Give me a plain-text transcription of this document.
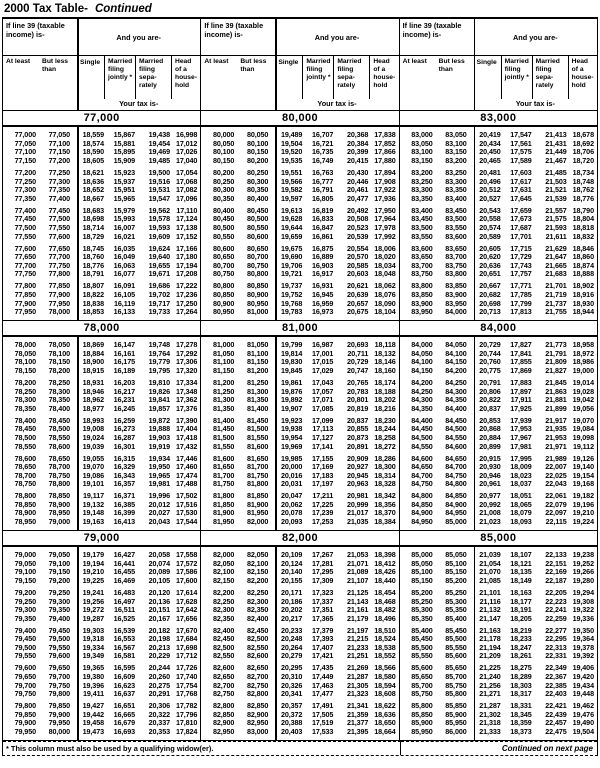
2000 Tax Table- Continued
If line 39 (taxable income) is-	And you are-
At least	But less than
Single	Married filing jointly *
Married filing sepa- rately
Head of a house- hold
Your tax is-
77,000
77,000	77,050	18,559	15,867	19,438 16,998
77,050	77,100	18,574	15,881	19,454 17,012
77,100	77,150	18,590	15,895	19,469 17,026
77,150	77,200	18,605	15,909	19,485 17,040
77,200	77,250	18,621	15,923	19,500 17,054
77,250	77,300	18,636	15,937	19,516 17,068
77,300	77,350	18,652	15,951	19,531 17,082
77,350	77,400	18,667	15,965	19,547 17,096
77,400	77,450	18,683	15,979	19,562 17,110
77,450	77,500	18,698	15,993	19,578 17,124
77,500	77,550	18,714	16,007	19,593 17,138
77,550	77,600	18,729	16,021	19,609 17,152
77,600	77,650	18,745	16,035	19,624 17,166
77,650	77,700	18,760	16,049	19,640 17,180
77,700	77,750	18,776	16,063	19,655 17,194
77,750	77,800	18,791	16,077	19,671 17,208
77,800	77,850	18,807	16,091	19,686 17,222
77,850	77,900	18,822	16,105	19,702 17,236
77,900	77,950	18,838	16,119	19,717 17,250
77,950	78,000	18,853	16,133	19,733 17,264
78,000
78,000	78,050	18,869	16,147	19,748 17,278
78,050	78,100	18,884	16,161	19,764 17,292
78,100	78,150	18,900	16,175	19,779 17,306
78,150	78,200	18,915	16,189	19,795 17,320
78,200	78,250	18,931	16,203	19,810 17,334
78,250	78,300	18,946	16,217	19,826 17,348
78,300	78,350	18,962	16,231	19,841 17,362
78,350	78,400	18,977	16,245	19,857 17,376
78,400	78,450	18,993	16,259	19,872 17,390
78,450	78,500	19,008	16,273	19,888 17,404
78,500	78,550	19,024	16,287	19,903 17,418
78,550	78,600	19,039	16,301	19,919 17,432
78,600	78,650	19,055	16,315	19,934 17,446
78,650	78,700	19,070	16,329	19,950 17,460
78,700	78,750	19,086	16,343	19,965 17,474
78,750	78,800	19,101	16,357	19,981 17,488
78,800	78,850	19,117	16,371	19,996 17,502
78,850	78,900	19,132	16,385	20,012 17,516
78,900	78,950	19,148	16,399	20,027 17,530
78,950	79,000	19,163	16,413	20,043 17,544
79,000
79,000	79,050	19,179	16,427	20,058 17,558
79,050	79,100	19,194	16,441	20,074 17,572
79,100	79,150	19,210	16,455	20,089 17,586
79,150	79,200	19,225	16,469	20,105 17,600
79,200	79,250	19,241	16,483	20,120 17,614
79,250	79,300	19,256	16,497	20,136 17,628
79,300	79,350	19,272	16,511	20,151 17,642
79,350	79,400	19,287	16,525	20,167 17,656
79,400	79,450	19,303	16,539	20,182 17,670
79,450	79,500	19,318	16,553	20,198 17,684
79,500	79,550	19,334	16,567	20,213 17,698
79,550	79,600	19,349	16,581	20,229 17,712
79,600	79,650	19,365	16,595	20,244 17,726
79,650	79,700	19,380	16,609	20,260 17,740
79,700	79,750	19,396	16,623	20,275 17,754
79,750	79,800	19,411	16,637	20,291 17,768
79,800	79,850	19,427	16,651	20,306 17,782
79,850	79,900	19,442	16,665	20,322 17,796
79,900	79,950	19,458	16,679	20,337 17,810
79,950	80,000	19,473	16,693	20,353 17,824
If line 39 (taxable income) is-	And you are-
At least	But less than
Single	Married filing jointly *
Married filing sepa- rately
Head of a house- hold
Your tax is-
80,000
80,000	80,050	19,489	16,707	20,368 17,838
80,050	80,100	19,504	16,721	20,384 17,852
80,100	80,150	19,520	16,735	20,399 17,866
80,150	80,200	19,535	16,749	20,415 17,880
80,200	80,250	19,551	16,763	20,430 17,894
80,250	80,300	19,566	16,777	20,446 17,908
80,300	80,350	19,582	16,791	20,461 17,922
80,350	80,400	19,597	16,805	20,477 17,936
80,400	80,450	19,613	16,819	20,492 17,950
80,450	80,500	19,628	16,833	20,508 17,964
80,500	80,550	19,644	16,847	20,523 17,978
80,550	80,600	19,659	16,861	20,539 17,992
80,600	80,650	19,675	16,875	20,554 18,006
80,650	80,700	19,690	16,889	20,570 18,020
80,700	80,750	19,706	16,903	20,585 18,034
80,750	80,800	19,721	16,917	20,603 18,048
80,800	80,850	19,737	16,931	20,621 18,062
80,850	80,900	19,752	16,945	20,639 18,076
80,900	80,950	19,768	16,959	20,657 18,090
80,950	81,000	19,783	16,973	20,675 18,104
81,000
81,000	81,050	19,799	16,987	20,693 18,118
81,050	81,100	19,814	17,001	20,711 18,132
81,100	81,150	19,830	17,015	20,729 18,146
81,150	81,200	19,845	17,029	20,747 18,160
81,200	81,250	19,861	17,043	20,765 18,174
81,250	81,300	19,876	17,057	20,783 18,188
81,300	81,350	19,892	17,071	20,801 18,202
81,350	81,400	19,907	17,085	20,819 18,216
81,400	81,450	19,923	17,099	20,837 18,230
81,450	81,500	19,938	17,113	20,855 18,244
81,500	81,550	19,954	17,127	20,873 18,258
81,550	81,600	19,969	17,141	20,891 18,272
81,600	81,650	19,985	17,155	20,909 18,286
81,650	81,700	20,000	17,169	20,927 18,300
81,700	81,750	20,016	17,183	20,945 18,314
81,750	81,800	20,031	17,197	20,963 18,328
81,800	81,850	20,047	17,211	20,981 18,342
81,850	81,900	20,062	17,225	20,999 18,356
81,900	81,950	20,078	17,239	21,017 18,370
81,950	82,000	20,093	17,253	21,035 18,384
82,000
82,000	82,050	20,109	17,267	21,053 18,398
82,050	82,100	20,124	17,281	21,071 18,412
82,100	82,150	20,140	17,295	21,089 18,426
82,150	82,200	20,155	17,309	21,107 18,440
82,200	82,250	20,171	17,323	21,125 18,454
82,250	82,300	20,186	17,337	21,143 18,468
82,300	82,350	20,202	17,351	21,161 18,482
82,350	82,400	20,217	17,365	21,179 18,496
82,400	82,450	20,233	17,379	21,197 18,510
82,450	82,500	20,248	17,393	21,215 18,524
82,500	82,550	20,264	17,407	21,233 18,538
82,550	82,600	20,279	17,421	21,251 18,552
82,600	82,650	20,295	17,435	21,269 18,566
82,650	82,700	20,310	17,449	21,287 18,580
82,700	82,750	20,326	17,463	21,305 18,594
82,750	82,800	20,341	17,477	21,323 18,608
82,800	82,850	20,357	17,491	21,341 18,622
82,850	82,900	20,372	17,505	21,359 18,636
82,900	82,950	20,388	17,519	21,377 18,650
82,950	83,000	20,403	17,533	21,395 18,664
If line 39 (taxable income) is-	And you are-
At least	But less than
Single	Married filing jointly *
Married filing sepa- rately
Head of a house- hold
Your tax is-
83,000
83,000	83,050	20,419	17,547	21,413 18,678
83,050	83,100	20,434	17,561	21,431 18,692
83,100	83,150	20,450	17,575	21,449 18,706
83,150	83,200	20,465	17,589	21,467 18,720
83,200	83,250	20,481	17,603	21,485 18,734
83,250	83,300	20,496	17,617	21,503 18,748
83,300	83,350	20,512	17,631	21,521 18,762
83,350	83,400	20,527	17,645	21,539 18,776
83,400	83,450	20,543	17,659	21,557 18,790
83,450	83,500	20,558	17,673	21,575 18,804
83,500	83,550	20,574	17,687	21,593 18,818
83,550	83,600	20,589	17,701	21,611 18,832
83,600	83,650	20,605	17,715	21,629 18,846
83,650	83,700	20,620	17,729	21,647 18,860
83,700	83,750	20,636	17,743	21,665 18,874
83,750	83,800	20,651	17,757	21,683 18,888
83,800	83,850	20,667	17,771	21,701 18,902
83,850	83,900	20,682	17,785	21,719 18,916
83,900	83,950	20,698	17,799	21,737 18,930
83,950	84,000	20,713	17,813	21,755 18,944
84,000
84,000	84,050	20,729	17,827	21,773 18,958
84,050	84,100	20,744	17,841	21,791 18,972
84,100	84,150	20,760	17,855	21,809 18,986
84,150	84,200	20,775	17,869	21,827 19,000
84,200	84,250	20,791	17,883	21,845 19,014
84,250	84,300	20,806	17,897	21,863 19,028
84,300	84,350	20,822	17,911	21,881 19,042
84,350	84,400	20,837	17,925	21,899 19,056
84,400	84,450	20,853	17,939	21,917 19,070
84,450	84,500	20,868	17,953	21,935 19,084
84,500	84,550	20,884	17,967	21,953 19,098
84,550	84,600	20,899	17,981	21,971 19,112
84,600	84,650	20,915	17,995	21,989 19,126
84,650	84,700	20,930	18,009	22,007 19,140
84,700	84,750	20,946	18,023	22,025 19,154
84,750	84,800	20,961	18,037	22,043 19,168
84,800	84,850	20,977	18,051	22,061 19,182
84,850	84,900	20,992	18,065	22,079 19,196
84,900	84,950	21,008	18,079	22,097 19,210
84,950	85,000	21,023	18,093	22,115 19,224
85,000
85,000	85,050	21,039	18,107	22,133 19,238
85,050	85,100	21,054	18,121	22,151 19,252
85,100	85,150	21,070	18,135	22,169 19,266
85,150	85,200	21,085	18,149	22,187 19,280
85,200	85,250	21,101	18,163	22,205 19,294
85,250	85,300	21,116	18,177	22,223 19,308
85,300	85,350	21,132	18,191	22,241 19,322
85,350	85,400	21,147	18,205	22,259 19,336
85,400	85,450	21,163	18,219	22,277 19,350
85,450	85,500	21,178	18,233	22,295 19,364
85,500	85,550	21,194	18,247	22,313 19,378
85,550	85,600	21,209	18,261	22,331 19,392
85,600	85,650	21,225	18,275	22,349 19,406
85,650	85,700	21,240	18,289	22,367 19,420
85,700	85,750	21,256	18,303	22,385 19,434
85,750	85,800	21,271	18,317	22,403 19,448
85,800	85,850	21,287	18,331	22,421 19,462
85,850	85,900	21,302	18,345	22,439 19,476
85,900	85,950	21,318	18,359	22,457 19,490
85,950	86,000	21,333	18,373	22,475 19,504
* This column must also be used by a qualifying widow(er).	Continued on next page
